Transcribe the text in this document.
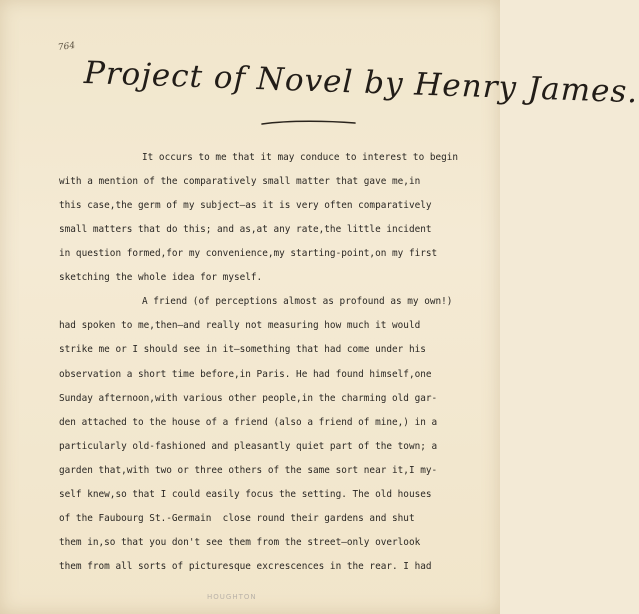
764
Project of Novel by Henry James.
It occurs to me that it may conduce to interest to begin
with a mention of the comparatively small matter that gave me,in
this case,the germ of my subject—as it is very often comparatively
small matters that do this; and as,at any rate,the little incident
in question formed,for my convenience,my starting-point,on my first
sketching the whole idea for myself.
A friend (of perceptions almost as profound as my own!)
had spoken to me,then—and really not measuring how much it would
strike me or I should see in it—something that had come under his
observation a short time before,in Paris. He had found himself,one
Sunday afternoon,with various other people,in the charming old gar-
den attached to the house of a friend (also a friend of mine,) in a
particularly old-fashioned and pleasantly quiet part of the town; a
garden that,with two or three others of the same sort near it,I my-
self knew,so that I could easily focus the setting. The old houses
of the Faubourg St.-Germain  close round their gardens and shut
them in,so that you don't see them from the street—only overlook
them from all sorts of picturesque excrescences in the rear. I had
HOUGHTON
